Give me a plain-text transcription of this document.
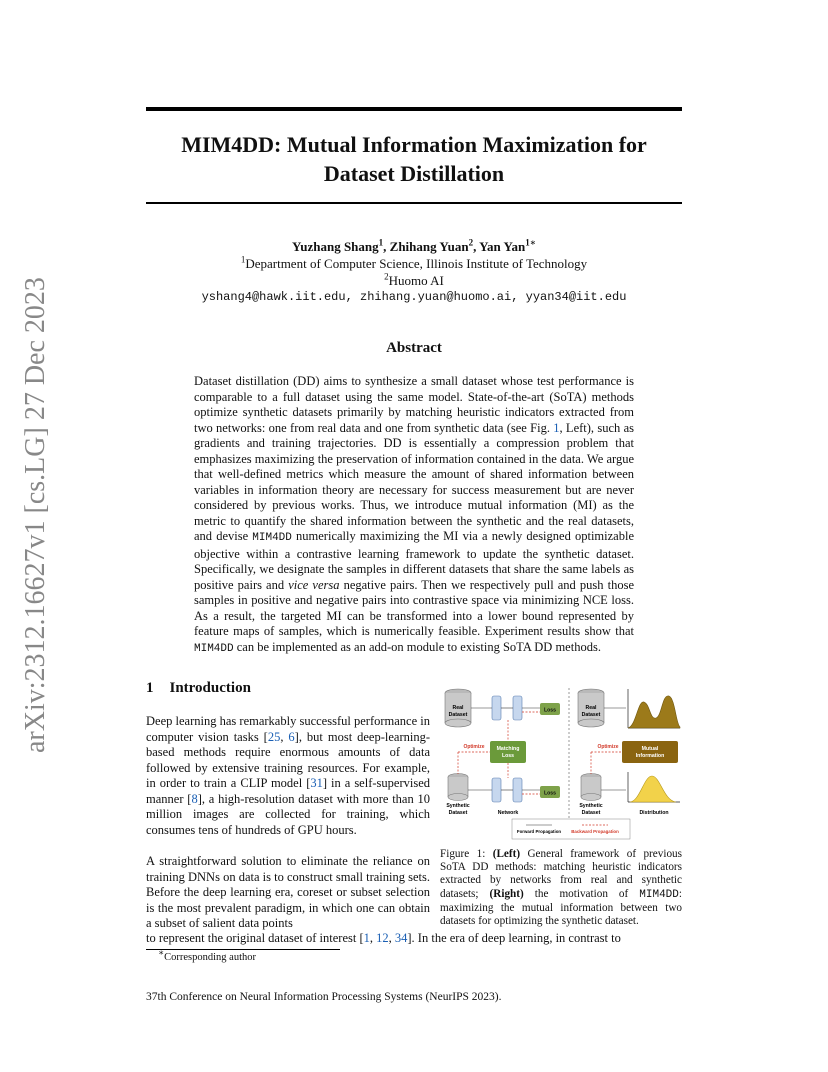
MIM4DD: Mutual Information Maximization for
Dataset Distillation
Yuzhang Shang$^1$, Zhihang Yuan$^2$, Yan Yan$^{1∗}$
$^1$Department of Computer Science, Illinois Institute of Technology
$^2$Huomo AI
yshang4@hawk.iit.edu, zhihang.yuan@huomo.ai, yyan34@iit.edu
arXiv:2312.16627v1 [cs.LG] 27 Dec 2023	Abstract
Dataset distillation (DD) aims to synthesize a small dataset whose test performance is comparable to a full dataset using the same model. State-of-the-art (SoTA) methods optimize synthetic datasets primarily by matching heuristic indicators extracted from two networks: one from real data and one from synthetic data (see Fig. 1, Left), such as gradients and training trajectories. DD is essentially a compression problem that emphasizes maximizing the preservation of information contained in the data. We argue that well-defined metrics which measure the amount of shared information between variables in information theory are necessary for success measurement but are never considered by previous works. Thus, we introduce mutual information (MI) as the metric to quantify the shared information between the synthetic and the real datasets, and devise MIM4DD numerically maximizing the MI via a newly designed optimizable objective within a contrastive learning framework to update the synthetic dataset. Specifically, we designate the samples in different datasets that share the same labels as positive pairs and vice versa negative pairs. Then we respectively pull and push those samples in positive and negative pairs into contrastive space via minimizing NCE loss. As a result, the targeted MI can be transformed into a lower bound represented by feature maps of samples, which is numerically feasible. Experiment results show that MIM4DD can be implemented as an add-on module to existing SoTA DD methods.
1 Introduction
Deep learning has remarkably successful performance in computer vision tasks [25, 6], but most deep-learning-based methods require enormous amounts of data followed by extensive training resources. For example, in order to train a CLIP model [31] in a self-supervised manner [8], a high-resolution dataset with more than 10 million images are collected for training, which consumes tens of hundreds of GPU hours.
A straightforward solution to eliminate the reliance on training DNNs on data is to construct small training sets. Before the deep learning era, coreset or subset selection is the most prevalent paradigm, in which one can obtain a subset of salient data points
to represent the original dataset of interest [1, 12, 34]. In the era of deep learning, in contrast to
Real Dataset
Synthetic Dataset
Loss
Loss
Matching Loss
Optimize
Network
Real Dataset
Synthetic Dataset
Mutual Information
Optimize
Distribution
Forward Propagation Backward Propagation
Figure 1: (Left) General framework of previous SoTA DD methods: matching heuristic indicators extracted by networks from real and synthetic datasets; (Right) the motivation of MIM4DD: maximizing the mutual information between two datasets for optimizing the synthetic dataset.
∗Corresponding author
37th Conference on Neural Information Processing Systems (NeurIPS 2023).
